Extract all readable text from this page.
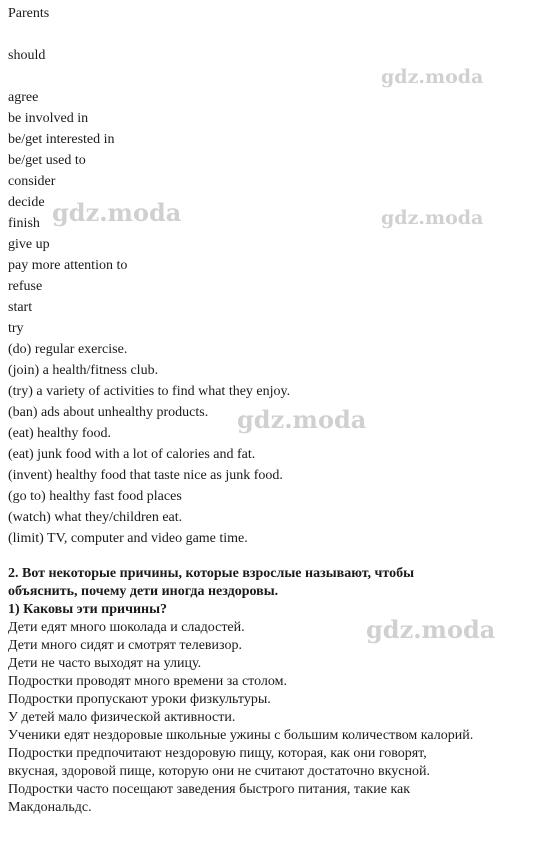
Parents
should
agree
be involved in
be/get interested in
be/get used to
consider
decide
finish
give up
pay more attention to
refuse
start
try
(do) regular exercise.
(join) a health/fitness club.
(try) a variety of activities to find what they enjoy.
(ban) ads about unhealthy products.
(eat) healthy food.
(eat) junk food with a lot of calories and fat.
(invent) healthy food that taste nice as junk food.
(go to) healthy fast food places
(watch) what they/children eat.
(limit) TV, computer and video game time.
2. Вот некоторые причины, которые взрослые называют, чтобы
объяснить, почему дети иногда нездоровы.
1) Каковы эти причины?
Дети едят много шоколада и сладостей.
Дети много сидят и смотрят телевизор.
Дети не часто выходят на улицу.
Подростки проводят много времени за столом.
Подростки пропускают уроки физкультуры.
У детей мало физической активности.
Ученики едят нездоровые школьные ужины с большим количеством калорий.
Подростки предпочитают нездоровую пищу, которая, как они говорят,
вкусная, здоровой пище, которую они не считают достаточно вкусной.
Подростки часто посещают заведения быстрого питания, такие как
Макдональдс.
gdz.moda
gdz.moda	gdz.moda
gdz.moda
gdz.moda
